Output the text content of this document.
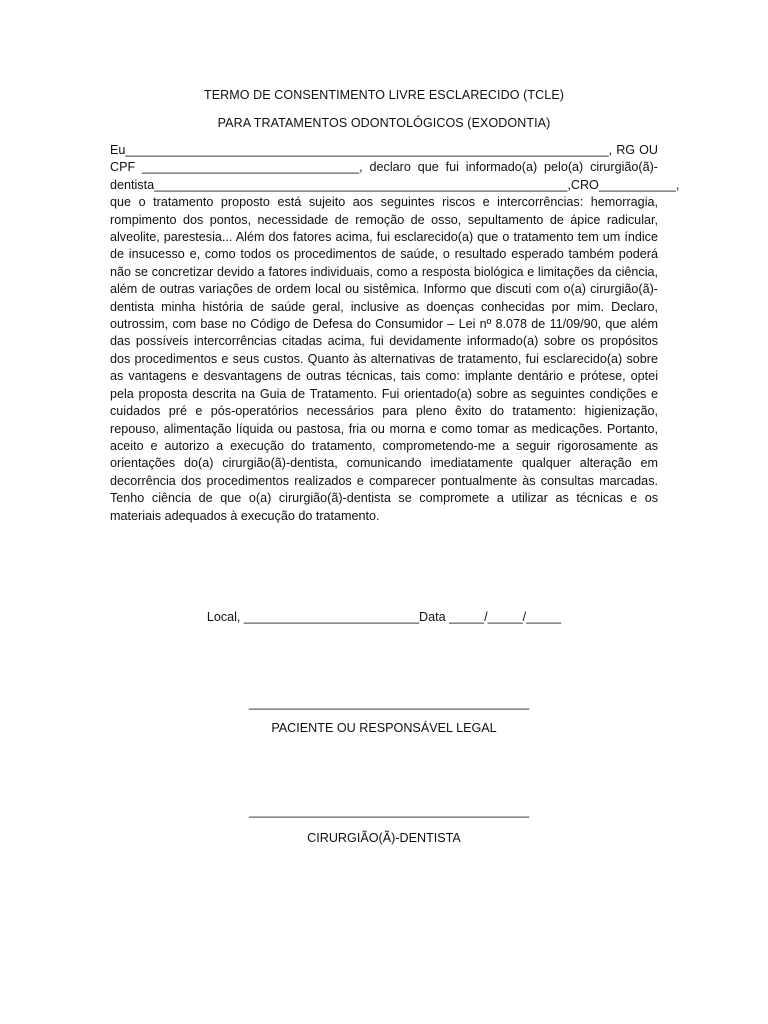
TERMO DE CONSENTIMENTO LIVRE ESCLARECIDO (TCLE)
PARA TRATAMENTOS ODONTOLÓGICOS (EXODONTIA)

Eu_____________________________________________________________________, RG OU CPF _______________________________, declaro que fui informado(a) pelo(a) cirurgião(ã)-dentista___________________________________________________________,CRO___________, que o tratamento proposto está sujeito aos seguintes riscos e intercorrências: hemorragia, rompimento dos pontos, necessidade de remoção de osso, sepultamento de ápice radicular, alveolite, parestesia... Além dos fatores acima, fui esclarecido(a) que o tratamento tem um índice de insucesso e, como todos os procedimentos de saúde, o resultado esperado também poderá não se concretizar devido a fatores individuais, como a resposta biológica e limitações da ciência, além de outras variações de ordem local ou sistêmica. Informo que discuti com o(a) cirurgião(ã)-dentista minha história de saúde geral, inclusive as doenças conhecidas por mim. Declaro, outrossim, com base no Código de Defesa do Consumidor – Lei nº 8.078 de 11/09/90, que além das possíveis intercorrências citadas acima, fui devidamente informado(a) sobre os propósitos dos procedimentos e seus custos. Quanto às alternativas de tratamento, fui esclarecido(a) sobre as vantagens e desvantagens de outras técnicas, tais como: implante dentário e prótese, optei pela proposta descrita na Guia de Tratamento. Fui orientado(a) sobre as seguintes condições e cuidados pré e pós-operatórios necessários para pleno êxito do tratamento: higienização, repouso, alimentação líquida ou pastosa, fria ou morna e como tomar as medicações. Portanto, aceito e autorizo a execução do tratamento, comprometendo-me a seguir rigorosamente as orientações do(a) cirurgião(ã)-dentista, comunicando imediatamente qualquer alteração em decorrência dos procedimentos realizados e comparecer pontualmente às consultas marcadas. Tenho ciência de que o(a) cirurgião(ã)-dentista se compromete a utilizar as técnicas e os materiais adequados à execução do tratamento.

Local, _________________________Data _____/_____/_____
________________________________________
PACIENTE OU RESPONSÁVEL LEGAL
________________________________________
CIRURGIÃO(Ã)-DENTISTA
